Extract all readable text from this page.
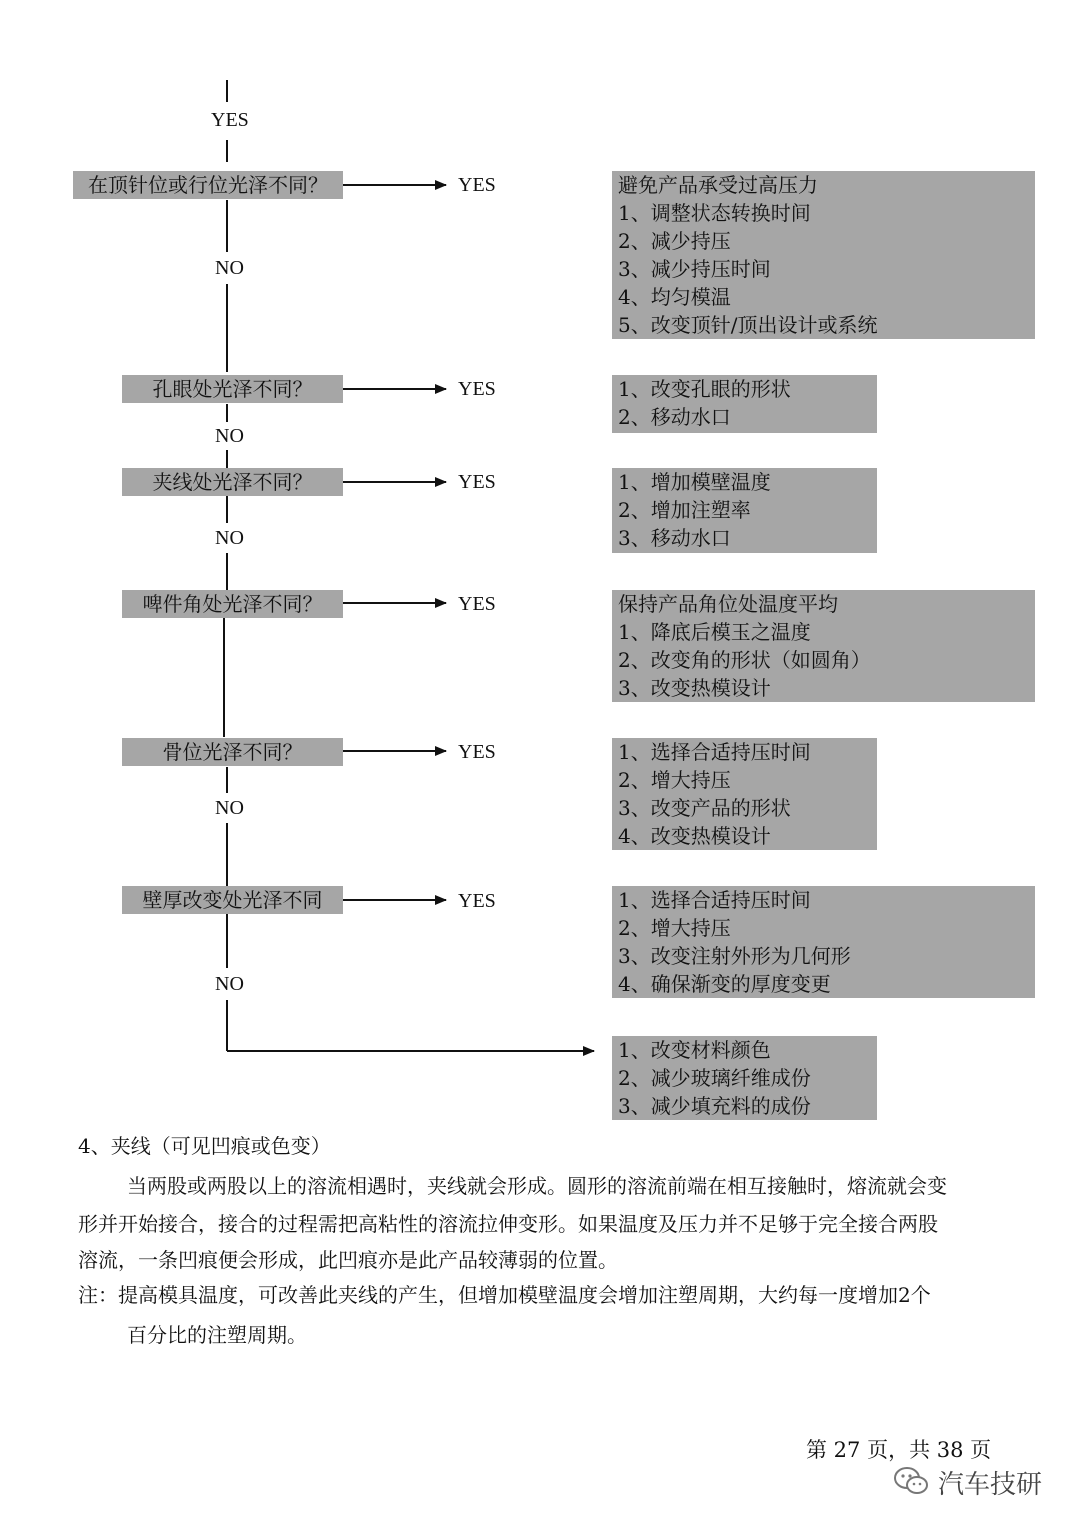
YES
在顶针位或行位光泽不同？	YES
NO
避免产品承受过高压力
1、调整状态转换时间
2、减少持压
3、减少持压时间
4、均匀模温
5、改变顶针/顶出设计或系统
孔眼处光泽不同？	YES
NO
1、改变孔眼的形状
2、移动水口
夹线处光泽不同？	YES
NO
1、增加模壁温度
2、增加注塑率
3、移动水口
啤件角处光泽不同？	YES	保持产品角位处温度平均
1、降底后模玉之温度
2、改变角的形状（如圆角）
3、改变热模设计
骨位光泽不同？	YES
NO
1、选择合适持压时间
2、增大持压
3、改变产品的形状
4、改变热模设计
壁厚改变处光泽不同	YES
NO
1、选择合适持压时间
2、增大持压
3、改变注射外形为几何形
4、确保渐变的厚度变更
1、改变材料颜色
2、减少玻璃纤维成份
3、减少填充料的成份
4、夹线（可见凹痕或色变）
当两股或两股以上的溶流相遇时，夹线就会形成。圆形的溶流前端在相互接触时，熔流就会变
形并开始接合，接合的过程需把高粘性的溶流拉伸变形。如果温度及压力并不足够于完全接合两股
溶流，一条凹痕便会形成，此凹痕亦是此产品较薄弱的位置。
注：提高模具温度，可改善此夹线的产生，但增加模壁温度会增加注塑周期，大约每一度增加2个
百分比的注塑周期。
第 27 页，共 38 页
汽车技研
